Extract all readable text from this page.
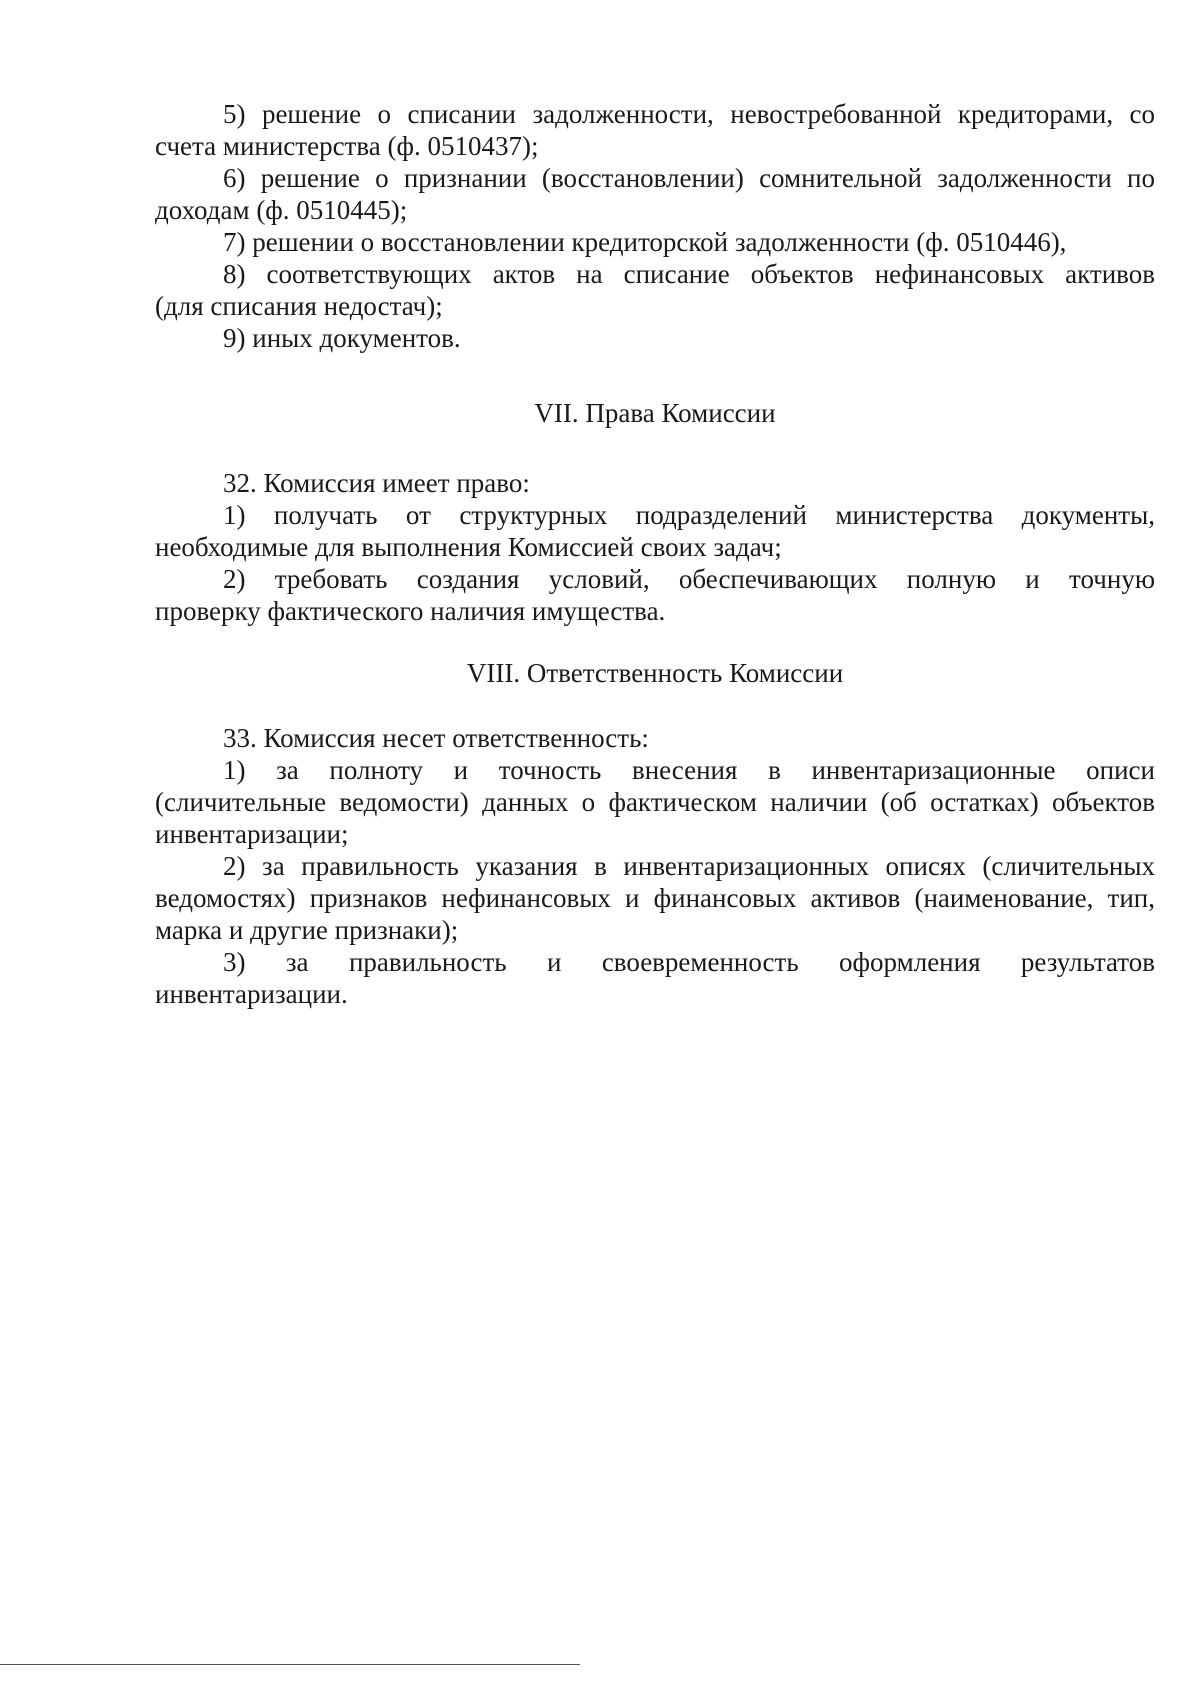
5) решение о списании задолженности, невостребованной кредиторами, со
счета министерства (ф. 0510437);
6) решение о признании (восстановлении) сомнительной задолженности по
доходам (ф. 0510445);
7) решении о восстановлении кредиторской задолженности (ф. 0510446),
8) соответствующих актов на списание объектов нефинансовых активов
(для списания недостач);
9) иных документов.
VII. Права Комиссии
32. Комиссия имеет право:
1) получать от структурных подразделений министерства документы,
необходимые для выполнения Комиссией своих задач;
2) требовать создания условий, обеспечивающих полную и точную
проверку фактического наличия имущества.
VIII. Ответственность Комиссии
33. Комиссия несет ответственность:
1) за полноту и точность внесения в инвентаризационные описи
(сличительные ведомости) данных о фактическом наличии (об остатках) объектов
инвентаризации;
2) за правильность указания в инвентаризационных описях (сличительных
ведомостях) признаков нефинансовых и финансовых активов (наименование, тип,
марка и другие признаки);
3) за правильность и своевременность оформления результатов
инвентаризации.
